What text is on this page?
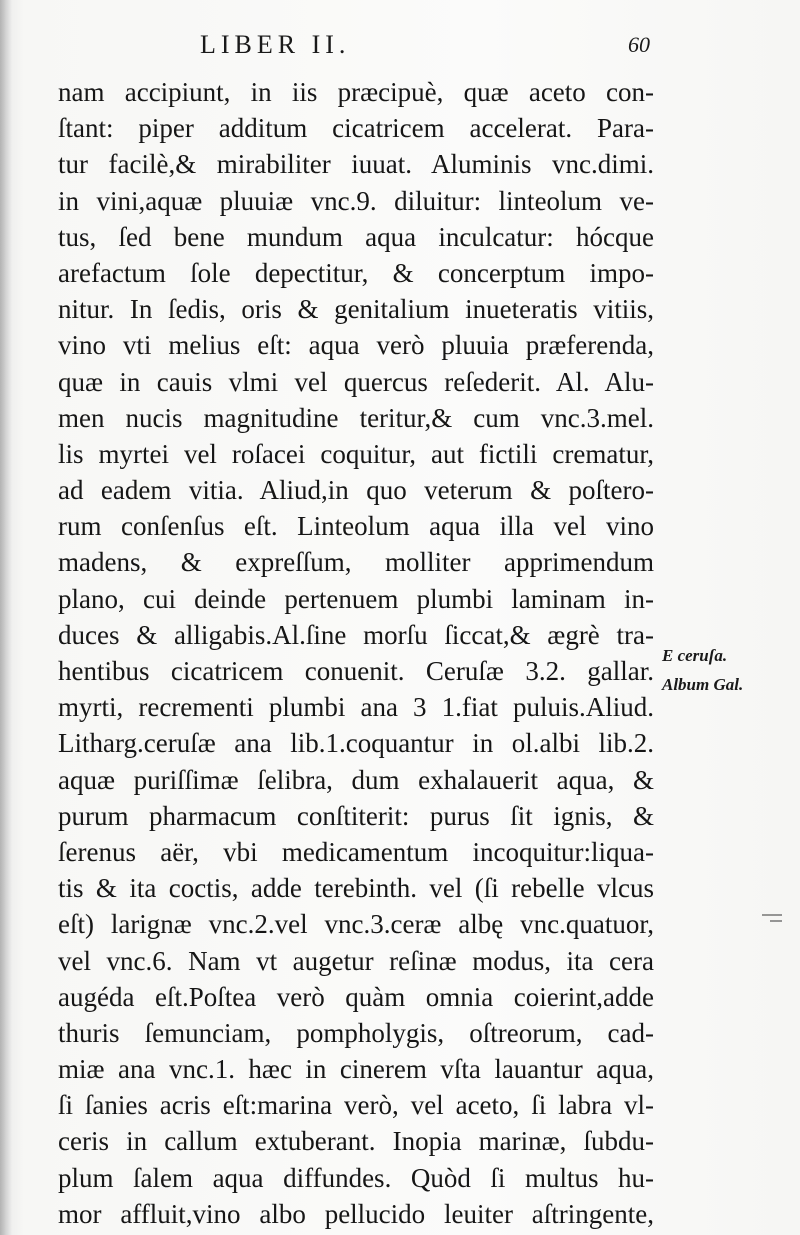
LIBER II.	60
nam accipiunt, in iis præcipuè, quæ aceto con-
ſtant: piper additum cicatricem accelerat. Para-
tur facilè,& mirabiliter iuuat. Aluminis vnc.dimi.
in vini,aquæ pluuiæ vnc.9. diluitur: linteolum ve-
tus, ſed bene mundum aqua inculcatur: hócque
arefactum ſole depectitur, & concerptum impo-
nitur. In ſedis, oris & genitalium inueteratis vitiis,
vino vti melius eſt: aqua verò pluuia præferenda,
quæ in cauis vlmi vel quercus reſederit. Al. Alu-
men nucis magnitudine teritur,& cum vnc.3.mel.
lis myrtei vel roſacei coquitur, aut fictili crematur,
ad eadem vitia. Aliud,in quo veterum & poſtero-
rum conſenſus eſt. Linteolum aqua illa vel vino
madens, & expreſſum, molliter apprimendum
plano, cui deinde pertenuem plumbi laminam in-
duces & alligabis.Al.ſine morſu ſiccat,& ægrè tra-
hentibus cicatricem conuenit. Ceruſæ 3.2. gallar.
myrti, recrementi plumbi ana 3 1.fiat puluis.Aliud.
Litharg.ceruſæ ana lib.1.coquantur in ol.albi lib.2.
aquæ puriſſimæ ſelibra, dum exhalauerit aqua, &
purum pharmacum conſtiterit: purus ſit ignis, &
ſerenus aër, vbi medicamentum incoquitur:liqua-
tis & ita coctis, adde terebinth. vel (ſi rebelle vlcus
eſt) larignæ vnc.2.vel vnc.3.ceræ albę vnc.quatuor,
vel vnc.6. Nam vt augetur reſinæ modus, ita cera
augéda eſt.Poſtea verò quàm omnia coierint,adde
thuris ſemunciam, pompholygis, oſtreorum, cad-
miæ ana vnc.1. hæc in cinerem vſta lauantur aqua,
ſi ſanies acris eſt:marina verò, vel aceto, ſi labra vl-
ceris in callum extuberant. Inopia marinæ, ſubdu-
plum ſalem aqua diffundes. Quòd ſi multus hu-
mor affluit,vino albo pellucido leuiter aſtringente,
E ceruſa.
Album Gal.
